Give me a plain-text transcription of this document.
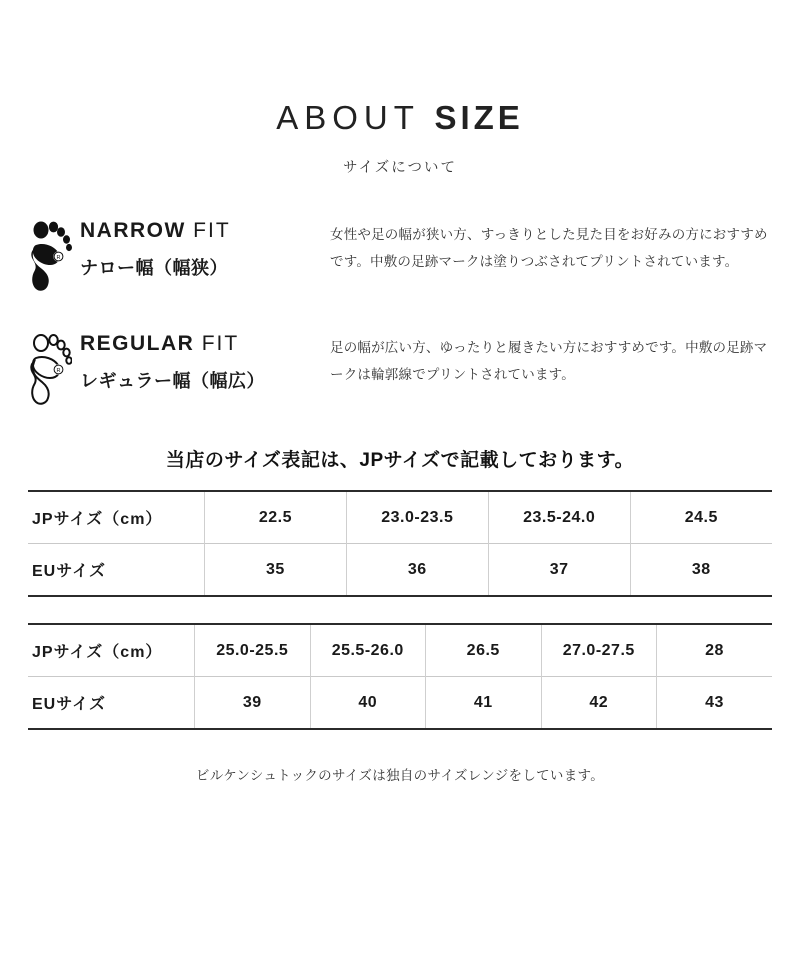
ABOUT SIZE
サイズについて
R
NARROW FIT
ナロー幅（幅狭）
女性や足の幅が狭い方、すっきりとした見た目をお好みの方におすすめです。中敷の足跡マークは塗りつぶされてプリントされています。
R
REGULAR FIT
レギュラー幅（幅広）
足の幅が広い方、ゆったりと履きたい方におすすめです。中敷の足跡マークは輪郭線でプリントされています。
当店のサイズ表記は、JPサイズで記載しております。
JPサイズ（cm）	22.5	23.0-23.5	23.5-24.0	24.5
EUサイズ	35	36	37	38
JPサイズ（cm）	25.0-25.5	25.5-26.0	26.5	27.0-27.5	28
EUサイズ	39	40	41	42	43
ビルケンシュトックのサイズは独自のサイズレンジをしています。
